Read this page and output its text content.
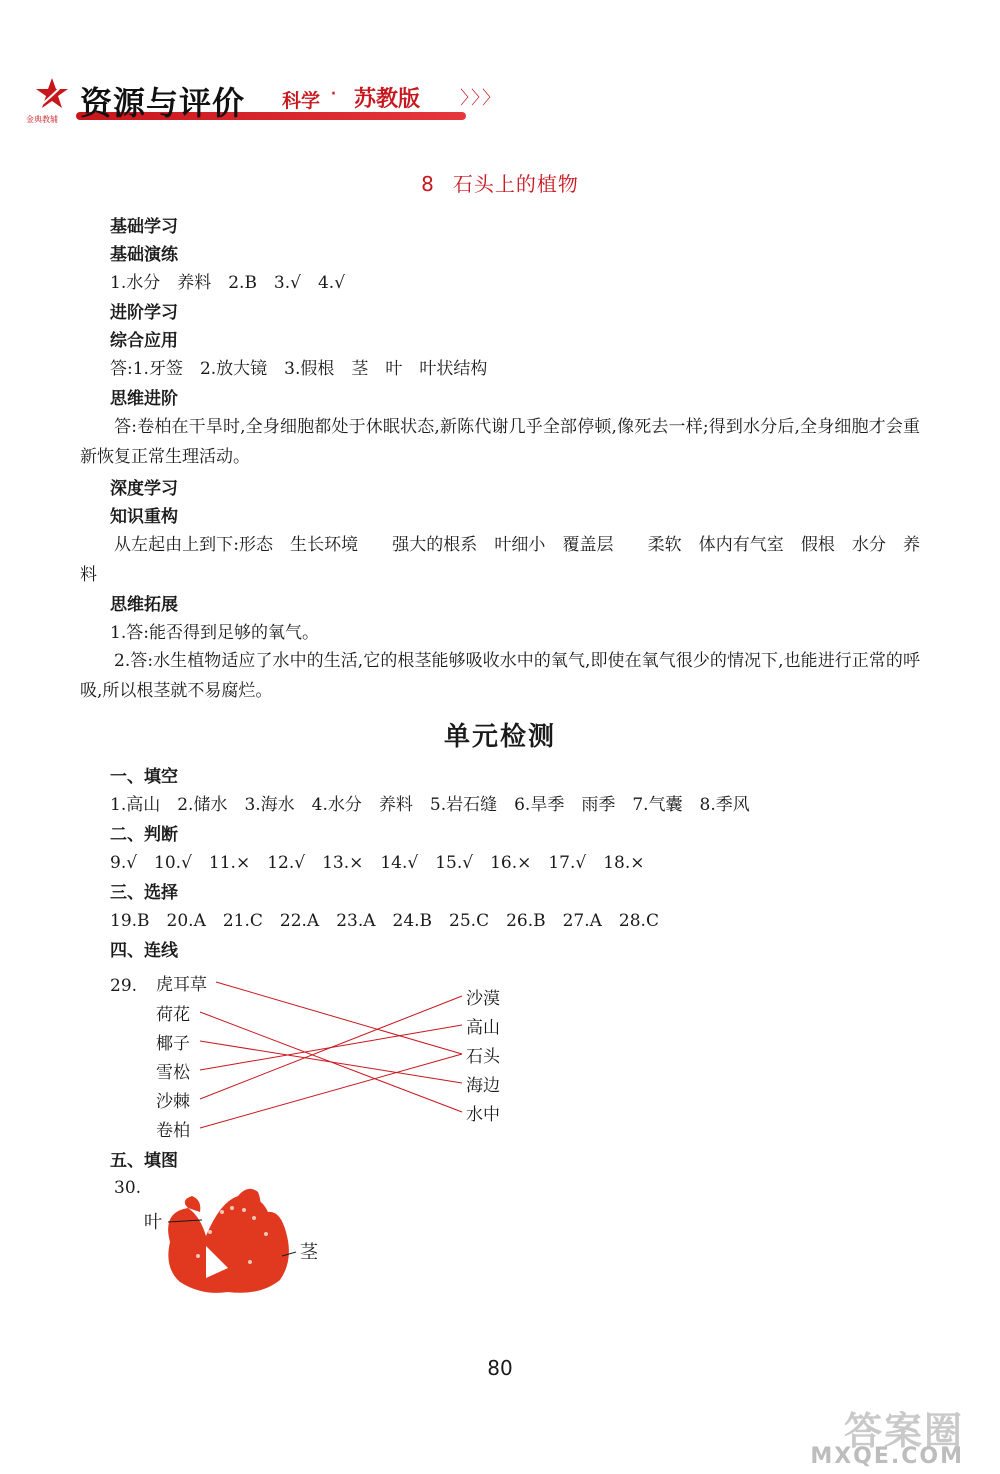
金典教辅 资源与评价 科学 · 苏教版 〉〉〉
8 石头上的植物
基础学习
基础演练
1.水分　养料　2.B　3.√　4.√
进阶学习
综合应用
答:1.牙签　2.放大镜　3.假根　茎　叶　叶状结构
思维进阶
答:卷柏在干旱时,全身细胞都处于休眠状态,新陈代谢几乎全部停顿,像死去一样;得到水分后,全身细胞才会重新恢复正常生理活动。
深度学习
知识重构
从左起由上到下:形态　生长环境　　强大的根系　叶细小　覆盖层　　柔软　体内有气室　假根　水分　养料
思维拓展
1.答:能否得到足够的氧气。
2.答:水生植物适应了水中的生活,它的根茎能够吸收水中的氧气,即使在氧气很少的情况下,也能进行正常的呼吸,所以根茎就不易腐烂。
单元检测
一、填空
1.高山　2.储水　3.海水　4.水分　养料　5.岩石缝　6.旱季　雨季　7.气囊　8.季风
二、判断
9.√　10.√　11.×　12.√　13.×　14.√　15.√　16.×　17.√　18.×
三、选择
19.B　20.A　21.C　22.A　23.A　24.B　25.C　26.B　27.A　28.C
四、连线
29. 虎耳草
荷花
椰子
雪松
沙棘
卷柏
沙漠
高山
石头
海边
水中
五、填图
30.
叶
茎
80
答案圈
MXQE.COM
